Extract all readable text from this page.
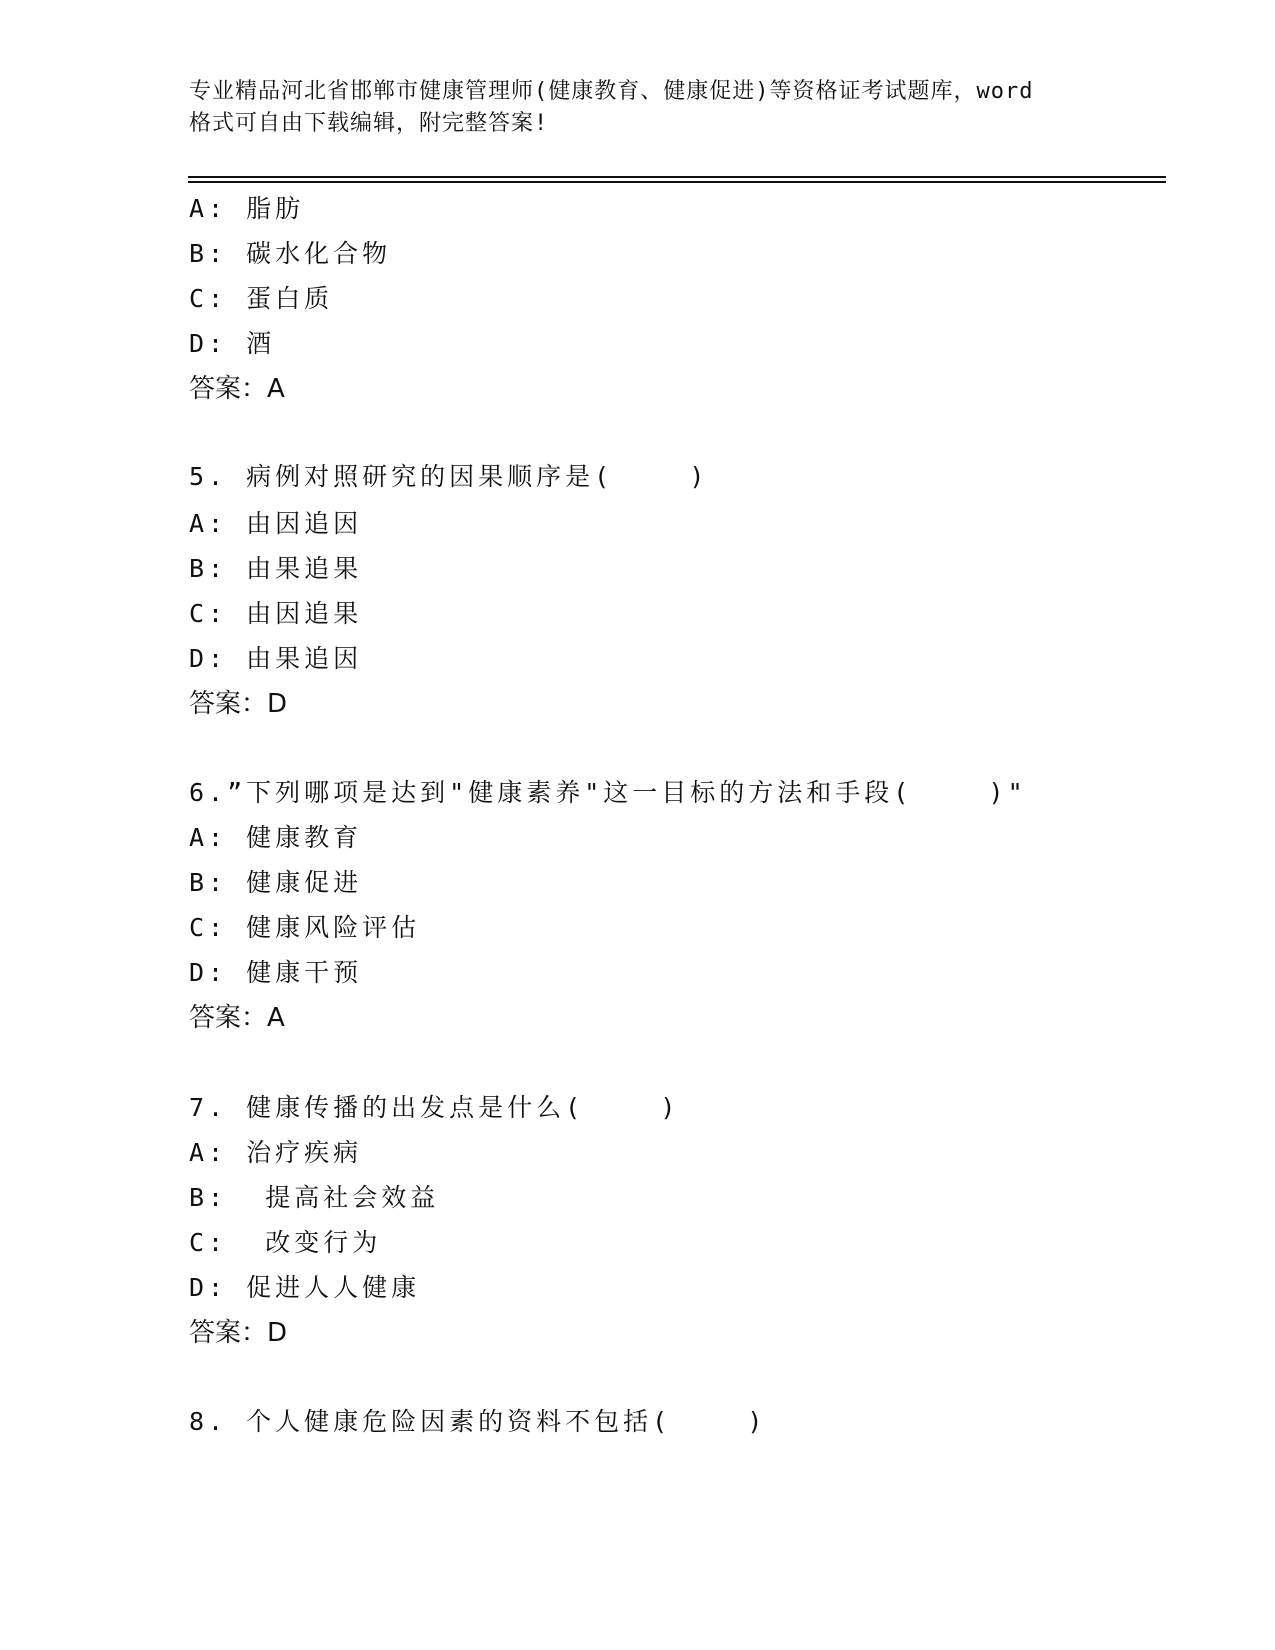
专业精品河北省邯郸市健康管理师(健康教育、健康促进)等资格证考试题库，word
格式可自由下载编辑，附完整答案!
A: 脂肪
B: 碳水化合物
C: 蛋白质
D: 酒
答案：A
5. 病例对照研究的因果顺序是(    )
A: 由因追因
B: 由果追果
C: 由因追果
D: 由果追因
答案：D
6.”下列哪项是达到"健康素养"这一目标的方法和手段(    )"
A: 健康教育
B: 健康促进
C: 健康风险评估
D: 健康干预
答案：A
7. 健康传播的出发点是什么(    )
A: 治疗疾病
B:  提高社会效益
C:  改变行为
D: 促进人人健康
答案：D
8. 个人健康危险因素的资料不包括(    )
